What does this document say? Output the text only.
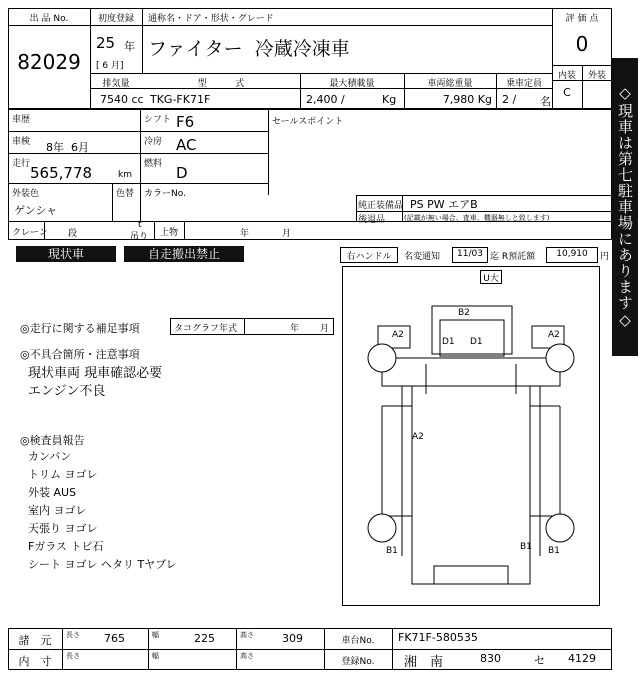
出 品 No.
82029
初度登録
25 年
[ 6 月]
通称名・ドア・形状・グレード
ファイター  冷蔵冷凍車
評 価 点
0
内装	外装
C
排気量
7540 cc
型          式
TKG-FK71F
最大積載量
2,400 /	Kg
車両総重量
7,980 Kg
乗車定員
2 / 名
車歴	シフト F6
車検 8年  6月	冷房 AC
走行 565,778	km
燃料 D
外装色
ゲンシャ
色替 カラーNo.
セールスポイント
純正装備品 PS PW エアB
後退品	(記載が無い場合、査車、機器無しと致します)
クレーン 段
t
吊り 上物	年	月
現状車	自走搬出禁止	右ハンドル	名変通知	11/03 迄 R預託額	10,910	円 ◇現車は第七駐車場にあります◇
◎走行に関する補足事項	タコグラフ年式	年 月
◎不具合箇所・注意事項
現状車両 現車確認必要
エンジン不良
◎検査員報告
カンバン
トリム ヨゴレ
外装 AUS
室内 ヨゴレ
天張り ヨゴレ
Fガラス トビ石
シート ヨゴレ ヘタリ Tヤブレ
U大
B2
A2	A2
D1 D1
A2
B1	B1 B1
諸　元	長さ 765	幅	225	高さ	309	車台No.	FK71F-580535
内　寸	長さ	幅	高さ
登録No.	湘　南	830	セ 4129
